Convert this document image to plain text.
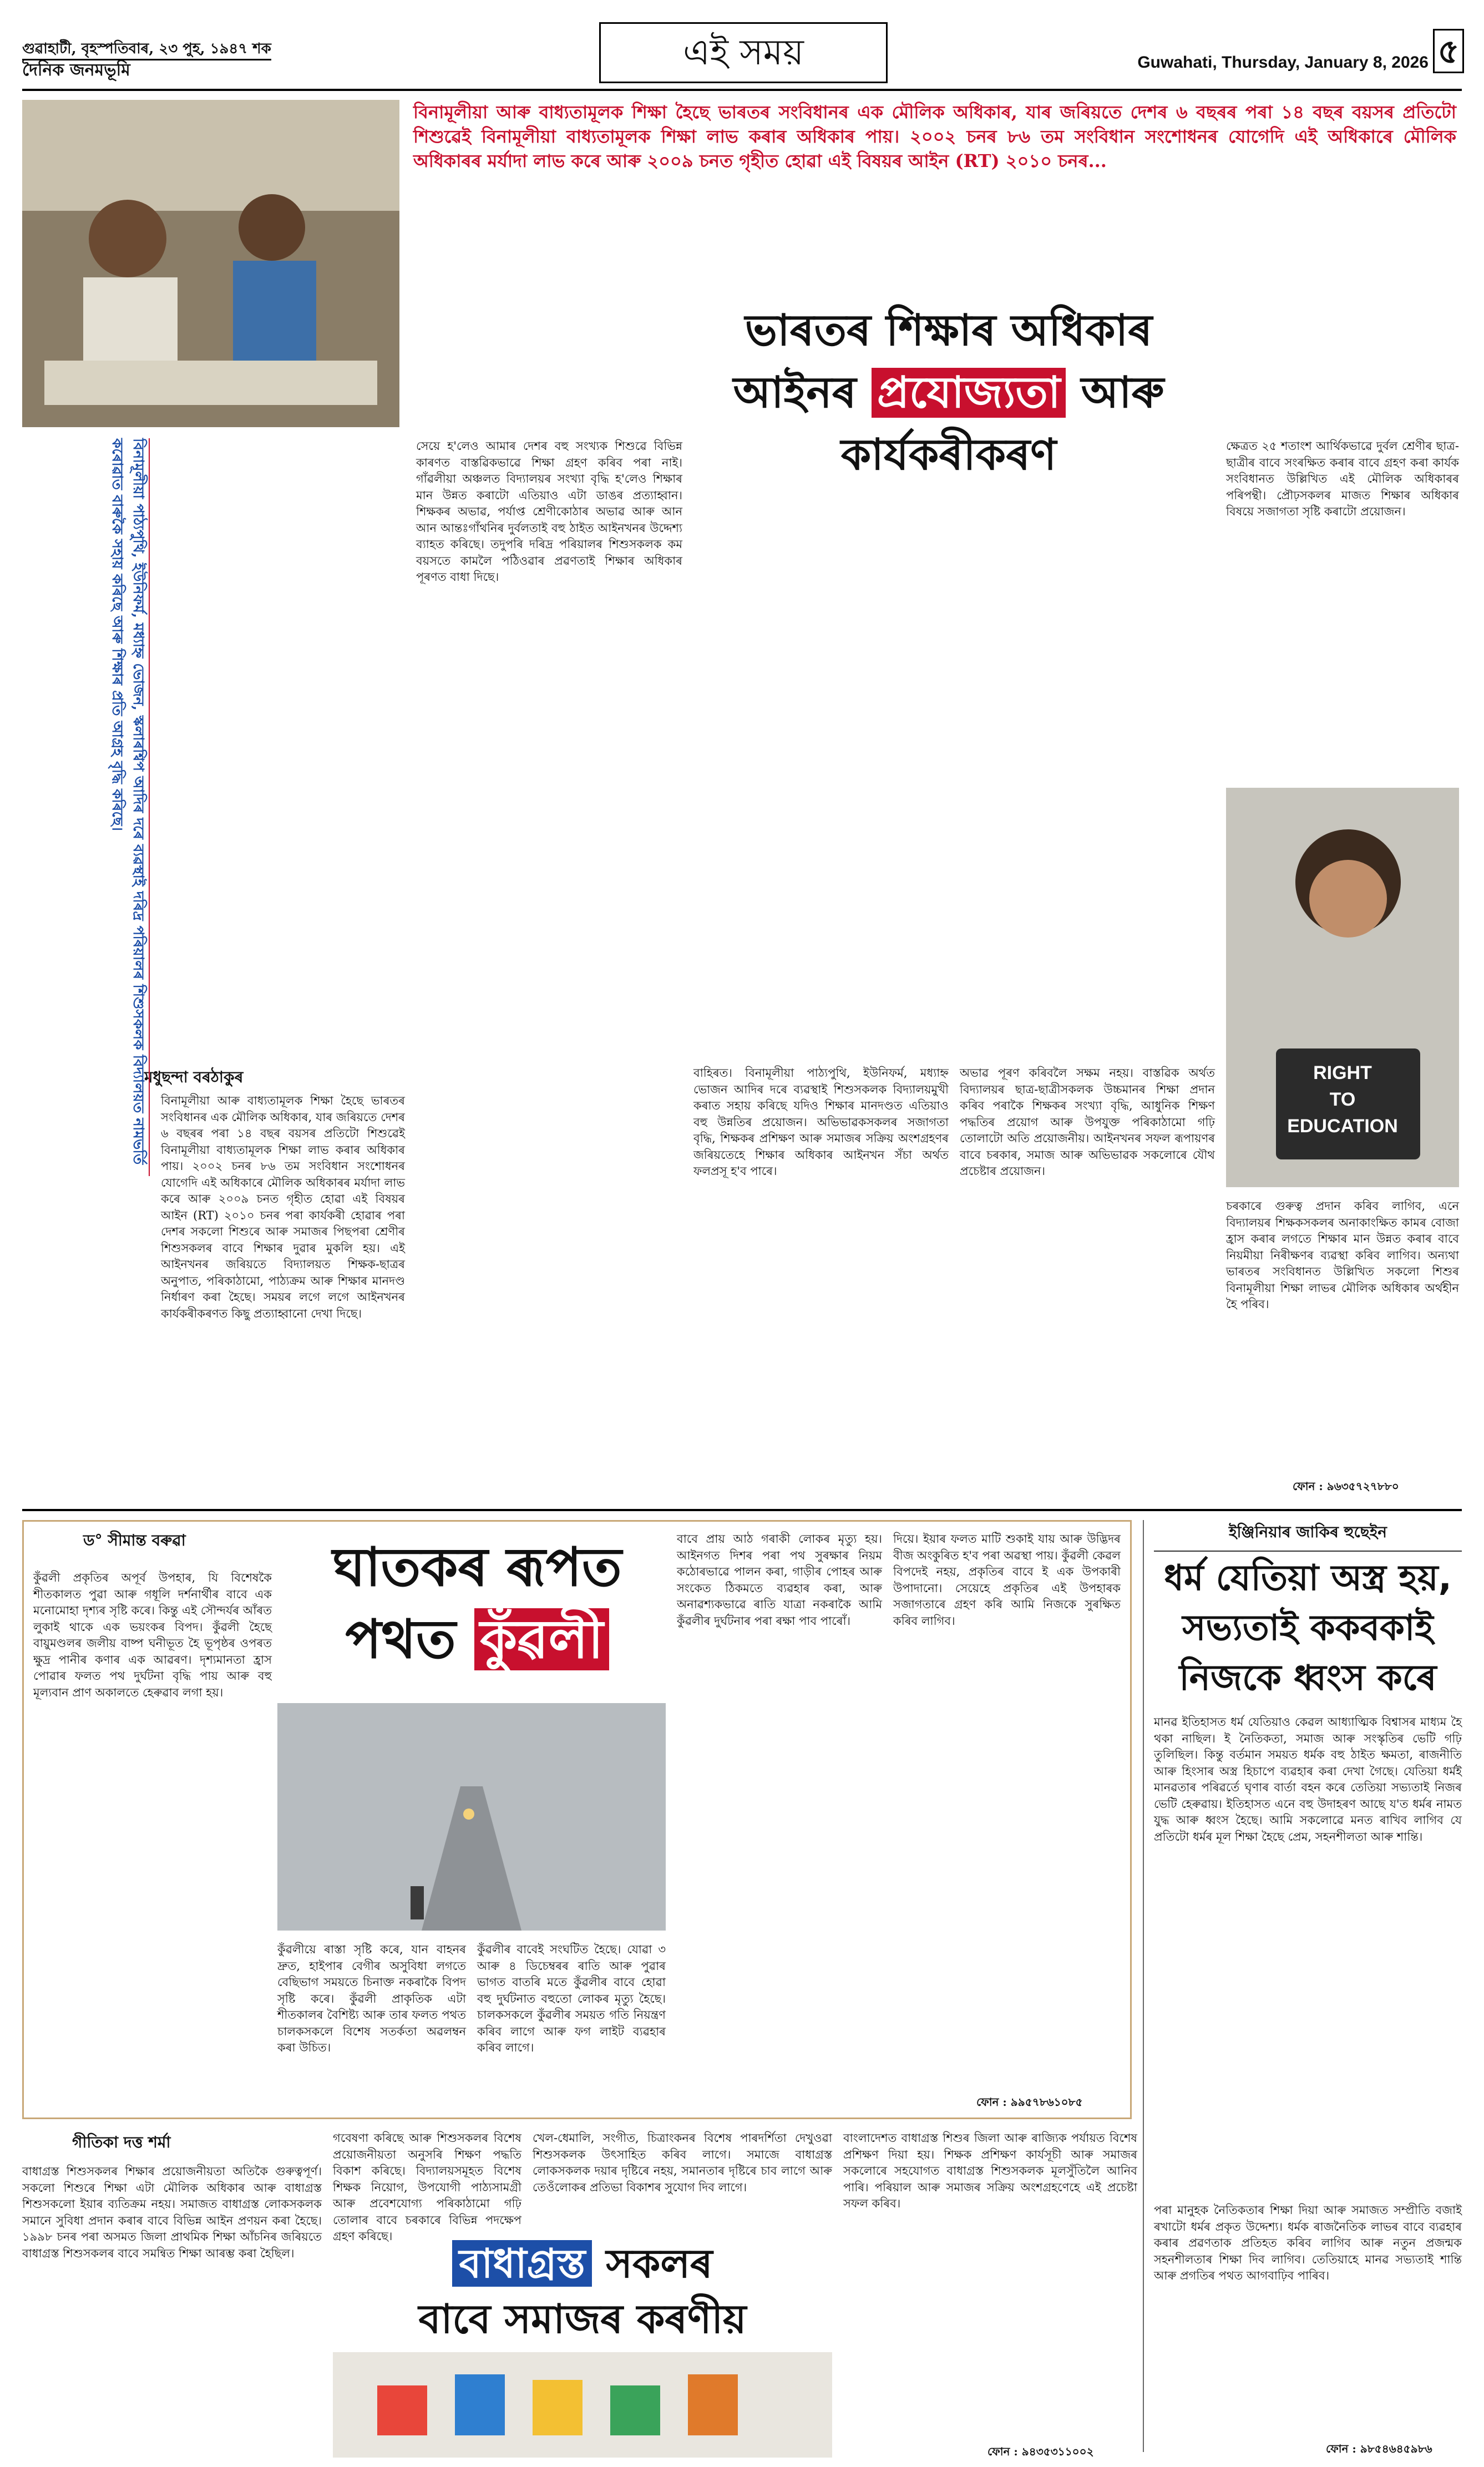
গুৱাহাটী, বৃহস্পতিবাৰ, ২৩ পুহ, ১৯৪৭ শক
দৈনিক জনমভূমি	এই সময়	Guwahati, Thursday, January 8, 2026 ৫
বিনামূলীয়া আৰু বাধ্যতামূলক শিক্ষা হৈছে ভাৰতৰ সংবিধানৰ এক মৌলিক অধিকাৰ, যাৰ জৰিয়তে দেশৰ ৬ বছৰৰ পৰা ১৪ বছৰ বয়সৰ প্ৰতিটো শিশুৱেই বিনামূলীয়া বাধ্যতামূলক শিক্ষা লাভ কৰাৰ অধিকাৰ পায়। ২০০২ চনৰ ৮৬ তম সংবিধান সংশোধনৰ যোগেদি এই অধিকাৰে মৌলিক অধিকাৰৰ মৰ্যাদা লাভ কৰে আৰু ২০০৯ চনত গৃহীত হোৱা এই বিষয়ৰ আইন (RT) ২০১০ চনৰ...
ভাৰতৰ শিক্ষাৰ অধিকাৰ
আইনৰ প্ৰযোজ্যতা আৰু
কাৰ্যকৰীকৰণ
মধুছন্দা বৰঠাকুৰ
বিনামূলীয়া পাঠ্যপুথি, ইউনিফৰ্ম, মধ্যাহ্ন ভোজন, স্কলাৰশ্বিপ আদিৰ দৰে ব্যৱস্থাই দৰিদ্ৰ পৰিয়ালৰ শিশুসকলক বিদ্যালয়ত নামভৰ্তি কৰোৱাত বাৰুকৈ সহায় কৰিছে আৰু শিক্ষাৰ প্ৰতি আগ্ৰহ বৃদ্ধি কৰিছে।
বিনামূলীয়া আৰু বাধ্যতামূলক শিক্ষা হৈছে ভাৰতৰ সংবিধানৰ এক মৌলিক অধিকাৰ, যাৰ জৰিয়তে দেশৰ ৬ বছৰৰ পৰা ১৪ বছৰ বয়সৰ প্ৰতিটো শিশুৱেই বিনামূলীয়া বাধ্যতামূলক শিক্ষা লাভ কৰাৰ অধিকাৰ পায়। ২০০২ চনৰ ৮৬ তম সংবিধান সংশোধনৰ যোগেদি এই অধিকাৰে মৌলিক অধিকাৰৰ মৰ্যাদা লাভ কৰে আৰু ২০০৯ চনত গৃহীত হোৱা এই বিষয়ৰ আইন (RT) ২০১০ চনৰ পৰা কাৰ্যকৰী হোৱাৰ পৰা দেশৰ সকলো শিশুৰে আৰু সমাজৰ পিছপৰা শ্ৰেণীৰ শিশুসকলৰ বাবে শিক্ষাৰ দুৱাৰ মুকলি হয়। এই আইনখনৰ জৰিয়তে বিদ্যালয়ত শিক্ষক-ছাত্ৰৰ অনুপাত, পৰিকাঠামো, পাঠ্যক্ৰম আৰু শিক্ষাৰ মানদণ্ড নিৰ্ধাৰণ কৰা হৈছে। সময়ৰ লগে লগে আইনখনৰ কাৰ্যকৰীকৰণত কিছু প্ৰত্যাহ্বানো দেখা দিছে।
সেয়ে হ'লেও আমাৰ দেশৰ বহু সংখ্যক শিশুৱে বিভিন্ন কাৰণত বাস্তৱিকভাৱে শিক্ষা গ্ৰহণ কৰিব পৰা নাই। গাঁৱলীয়া অঞ্চলত বিদ্যালয়ৰ সংখ্যা বৃদ্ধি হ'লেও শিক্ষাৰ মান উন্নত কৰাটো এতিয়াও এটা ডাঙৰ প্ৰত্যাহ্বান। শিক্ষকৰ অভাৱ, পৰ্যাপ্ত শ্ৰেণীকোঠাৰ অভাৱ আৰু আন আন আন্তঃগাঁথনিৰ দুৰ্বলতাই বহু ঠাইত আইনখনৰ উদ্দেশ্য ব্যাহত কৰিছে। তদুপৰি দৰিদ্ৰ পৰিয়ালৰ শিশুসকলক কম বয়সতে কামলৈ পঠিওৱাৰ প্ৰৱণতাই শিক্ষাৰ অধিকাৰ পূৰণত বাধা দিছে।
বাহিৰত। বিনামূলীয়া পাঠ্যপুথি, ইউনিফৰ্ম, মধ্যাহ্ন ভোজন আদিৰ দৰে ব্যৱস্থাই শিশুসকলক বিদ্যালয়মুখী কৰাত সহায় কৰিছে যদিও শিক্ষাৰ মানদণ্ডত এতিয়াও বহু উন্নতিৰ প্ৰয়োজন। অভিভাৱকসকলৰ সজাগতা বৃদ্ধি, শিক্ষকৰ প্ৰশিক্ষণ আৰু সমাজৰ সক্ৰিয় অংশগ্ৰহণৰ জৰিয়তেহে শিক্ষাৰ অধিকাৰ আইনখন সঁচা অৰ্থত ফলপ্ৰসূ হ'ব পাৰে।
অভাৱ পূৰণ কৰিবলৈ সক্ষম নহয়। বাস্তৱিক অৰ্থত বিদ্যালয়ৰ ছাত্ৰ-ছাত্ৰীসকলক উচ্চমানৰ শিক্ষা প্ৰদান কৰিব পৰাকৈ শিক্ষকৰ সংখ্যা বৃদ্ধি, আধুনিক শিক্ষণ পদ্ধতিৰ প্ৰয়োগ আৰু উপযুক্ত পৰিকাঠামো গঢ়ি তোলাটো অতি প্ৰয়োজনীয়। আইনখনৰ সফল ৰূপায়ণৰ বাবে চৰকাৰ, সমাজ আৰু অভিভাৱক সকলোৰে যৌথ প্ৰচেষ্টাৰ প্ৰয়োজন।
ক্ষেত্ৰত ২৫ শতাংশ আৰ্থিকভাৱে দুৰ্বল শ্ৰেণীৰ ছাত্ৰ-ছাত্ৰীৰ বাবে সংৰক্ষিত কৰাৰ বাবে গ্ৰহণ কৰা কাৰ্যক সংবিধানত উল্লিখিত এই মৌলিক অধিকাৰৰ পৰিপন্থী। প্ৰৌঢ়সকলৰ মাজত শিক্ষাৰ অধিকাৰ বিষয়ে সজাগতা সৃষ্টি কৰাটো প্ৰয়োজন।
RIGHT
TO
EDUCATION
চৰকাৰে গুৰুত্ব প্ৰদান কৰিব লাগিব, এনে বিদ্যালয়ৰ শিক্ষকসকলৰ অনাকাংক্ষিত কামৰ বোজা হ্ৰাস কৰাৰ লগতে শিক্ষাৰ মান উন্নত কৰাৰ বাবে নিয়মীয়া নিৰীক্ষণৰ ব্যৱস্থা কৰিব লাগিব। অন্যথা ভাৰতৰ সংবিধানত উল্লিখিত সকলো শিশুৰ বিনামূলীয়া শিক্ষা লাভৰ মৌলিক অধিকাৰ অৰ্থহীন হৈ পৰিব।
ফোন : ৯৬৩৫৭২৭৮৮০
ড° সীমান্ত বৰুৱা	ঘাতকৰ ৰূপত
পথত কুঁৱলী
কুঁৱলী প্ৰকৃতিৰ অপূৰ্ব উপহাৰ, যি বিশেষকৈ শীতকালত পুৱা আৰু গধূলি দৰ্শনাৰ্থীৰ বাবে এক মনোমোহা দৃশ্যৰ সৃষ্টি কৰে। কিন্তু এই সৌন্দৰ্যৰ আঁৰত লুকাই থাকে এক ভয়ংকৰ বিপদ। কুঁৱলী হৈছে বায়ুমণ্ডলৰ জলীয় বাষ্প ঘনীভূত হৈ ভূপৃষ্ঠৰ ওপৰত ক্ষুদ্ৰ পানীৰ কণাৰ এক আৱৰণ। দৃশ্যমানতা হ্ৰাস পোৱাৰ ফলত পথ দুৰ্ঘটনা বৃদ্ধি পায় আৰু বহু মূল্যবান প্ৰাণ অকালতে হেৰুৱাব লগা হয়।
কুঁৱলীয়ে ৰাস্তা সৃষ্টি কৰে, যান বাহনৰ দ্ৰুত, হাইপাৰ বেগীৰ অসুবিধা লগতে বেছিভাগ সময়তে চিনাক্ত নকৰাকৈ বিপদ সৃষ্টি কৰে। কুঁৱলী প্ৰাকৃতিক এটা শীতকালৰ বৈশিষ্ট্য আৰু তাৰ ফলত পথত চালকসকলে বিশেষ সতৰ্কতা অৱলম্বন কৰা উচিত।
কুঁৱলীৰ বাবেই সংঘটিত হৈছে। যোৱা ৩ আৰু ৪ ডিচেম্বৰৰ ৰাতি আৰু পুৱাৰ ভাগত বাতৰি মতে কুঁৱলীৰ বাবে হোৱা বহু দুৰ্ঘটনাত বহুতো লোকৰ মৃত্যু হৈছে। চালকসকলে কুঁৱলীৰ সময়ত গতি নিয়ন্ত্ৰণ কৰিব লাগে আৰু ফগ লাইট ব্যৱহাৰ কৰিব লাগে।
বাবে প্ৰায় আঠ গৰাকী লোকৰ মৃত্যু হয়। আইনগত দিশৰ পৰা পথ সুৰক্ষাৰ নিয়ম কঠোৰভাৱে পালন কৰা, গাড়ীৰ পোহৰ আৰু সংকেত ঠিকমতে ব্যৱহাৰ কৰা, আৰু অনাৱশ্যকভাৱে ৰাতি যাত্ৰা নকৰাকৈ আমি কুঁৱলীৰ দুৰ্ঘটনাৰ পৰা ৰক্ষা পাব পাৰোঁ।
দিয়ে। ইয়াৰ ফলত মাটি শুকাই যায় আৰু উদ্ভিদৰ বীজ অংকুৰিত হ'ব পৰা অৱস্থা পায়। কুঁৱলী কেৱল বিপদেই নহয়, প্ৰকৃতিৰ বাবে ই এক উপকাৰী উপাদানো। সেয়েহে প্ৰকৃতিৰ এই উপহাৰক সজাগতাৰে গ্ৰহণ কৰি আমি নিজকে সুৰক্ষিত কৰিব লাগিব।
ফোন : ৯৯৫৭৮৬১০৮৫
ইঞ্জিনিয়াৰ জাকিৰ হুছেইন
ধৰ্ম যেতিয়া অস্ত্ৰ হয়,
সভ্যতাই ককবকাই
নিজকে ধ্বংস কৰে
মানৱ ইতিহাসত ধৰ্ম যেতিয়াও কেৱল আধ্যাত্মিক বিশ্বাসৰ মাধ্যম হৈ থকা নাছিল। ই নৈতিকতা, সমাজ আৰু সংস্কৃতিৰ ভেটি গঢ়ি তুলিছিল। কিন্তু বৰ্তমান সময়ত ধৰ্মক বহু ঠাইত ক্ষমতা, ৰাজনীতি আৰু হিংসাৰ অস্ত্ৰ হিচাপে ব্যৱহাৰ কৰা দেখা গৈছে। যেতিয়া ধৰ্মই মানৱতাৰ পৰিৱৰ্তে ঘৃণাৰ বাৰ্তা বহন কৰে তেতিয়া সভ্যতাই নিজৰ ভেটি হেৰুৱায়। ইতিহাসত এনে বহু উদাহৰণ আছে য'ত ধৰ্মৰ নামত যুদ্ধ আৰু ধ্বংস হৈছে। আমি সকলোৱে মনত ৰাখিব লাগিব যে প্ৰতিটো ধৰ্মৰ মূল শিক্ষা হৈছে প্ৰেম, সহনশীলতা আৰু শান্তি।
পৰা মানুহক নৈতিকতাৰ শিক্ষা দিয়া আৰু সমাজত সম্প্ৰীতি বজাই ৰখাটো ধৰ্মৰ প্ৰকৃত উদ্দেশ্য। ধৰ্মক ৰাজনৈতিক লাভৰ বাবে ব্যৱহাৰ কৰাৰ প্ৰৱণতাক প্ৰতিহত কৰিব লাগিব আৰু নতুন প্ৰজন্মক সহনশীলতাৰ শিক্ষা দিব লাগিব। তেতিয়াহে মানৱ সভ্যতাই শান্তি আৰু প্ৰগতিৰ পথত আগবাঢ়িব পাৰিব।
ফোন : ৯৮৫৪৬৪৫৯৮৬
গীতিকা দত্ত শৰ্মা
বাধাগ্ৰস্ত শিশুসকলৰ শিক্ষাৰ প্ৰয়োজনীয়তা অতিকৈ গুৰুত্বপূৰ্ণ। সকলো শিশুৰে শিক্ষা এটা মৌলিক অধিকাৰ আৰু বাধাগ্ৰস্ত শিশুসকলো ইয়াৰ ব্যতিক্ৰম নহয়। সমাজত বাধাগ্ৰস্ত লোকসকলক সমানে সুবিধা প্ৰদান কৰাৰ বাবে বিভিন্ন আইন প্ৰণয়ন কৰা হৈছে। ১৯৯৮ চনৰ পৰা অসমত জিলা প্ৰাথমিক শিক্ষা আঁচনিৰ জৰিয়তে বাধাগ্ৰস্ত শিশুসকলৰ বাবে সমন্বিত শিক্ষা আৰম্ভ কৰা হৈছিল।
গবেষণা কৰিছে আৰু শিশুসকলৰ বিশেষ প্ৰয়োজনীয়তা অনুসৰি শিক্ষণ পদ্ধতি বিকাশ কৰিছে। বিদ্যালয়সমূহত বিশেষ শিক্ষক নিয়োগ, উপযোগী পাঠ্যসামগ্ৰী আৰু প্ৰবেশযোগ্য পৰিকাঠামো গঢ়ি তোলাৰ বাবে চৰকাৰে বিভিন্ন পদক্ষেপ গ্ৰহণ কৰিছে।
খেল-ধেমালি, সংগীত, চিত্ৰাংকনৰ বিশেষ পাৰদৰ্শিতা দেখুওৱা শিশুসকলক উৎসাহিত কৰিব লাগে। সমাজে বাধাগ্ৰস্ত লোকসকলক দয়াৰ দৃষ্টিৰে নহয়, সমানতাৰ দৃষ্টিৰে চাব লাগে আৰু তেওঁলোকৰ প্ৰতিভা বিকাশৰ সুযোগ দিব লাগে।
বাধাগ্ৰস্ত সকলৰ
বাবে সমাজৰ কৰণীয়
বাংলাদেশত বাধাগ্ৰস্ত শিশুৰ জিলা আৰু ৰাজ্যিক পৰ্যায়ত বিশেষ প্ৰশিক্ষণ দিয়া হয়। শিক্ষক প্ৰশিক্ষণ কাৰ্যসূচী আৰু সমাজৰ সকলোৰে সহযোগত বাধাগ্ৰস্ত শিশুসকলক মূলসুঁতিলৈ আনিব পাৰি। পৰিয়াল আৰু সমাজৰ সক্ৰিয় অংশগ্ৰহণেহে এই প্ৰচেষ্টা সফল কৰিব।
ফোন : ৯৪৩৫৩১১০০২
